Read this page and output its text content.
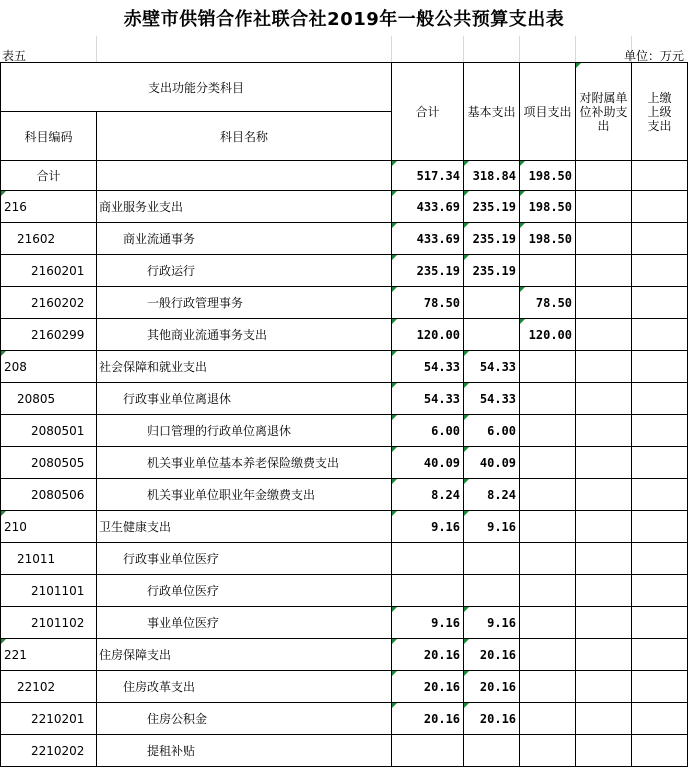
赤壁市供销合作社联合社2019年一般公共预算支出表
表五	单位：万元
支出功能分类科目		合计	基本支出	项目支出	对附属单位补助支出	上缴上级支出
科目编码	科目名称					
合计		517.34	318.84	198.50		
216	商业服务业支出	433.69	235.19	198.50		
21602	商业流通事务	433.69	235.19	198.50		
2160201	行政运行	235.19	235.19			
2160202	一般行政管理事务	78.50		78.50		
2160299	其他商业流通事务支出	120.00		120.00		
208	社会保障和就业支出	54.33	54.33			
20805	行政事业单位离退休	54.33	54.33			
2080501	归口管理的行政单位离退休	6.00	6.00			
2080505	机关事业单位基本养老保险缴费支出	40.09	40.09			
2080506	机关事业单位职业年金缴费支出	8.24	8.24			
210	卫生健康支出	9.16	9.16			
21011	行政事业单位医疗					
2101101	行政单位医疗					
2101102	事业单位医疗	9.16	9.16			
221	住房保障支出	20.16	20.16			
22102	住房改革支出	20.16	20.16			
2210201	住房公积金	20.16	20.16			
2210202	提租补贴					
